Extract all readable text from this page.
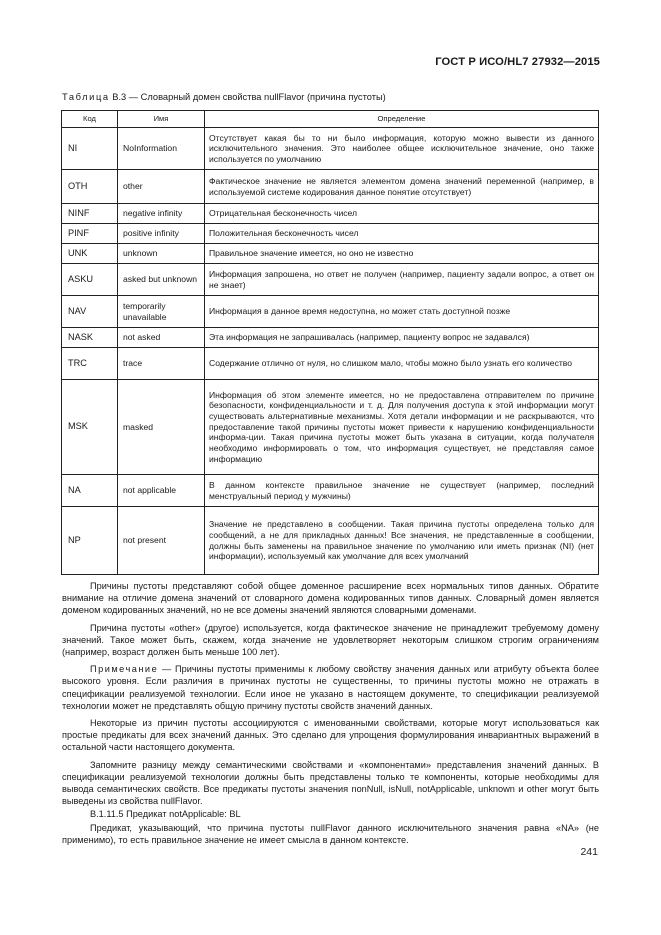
ГОСТ Р ИСО/HL7 27932—2015
Таблица В.3 — Словарный домен свойства nullFlavor (причина пустоты)
Код	Имя	Определение
NI	NoInformation	Отсутствует какая бы то ни было информация, которую можно вывести из данного исключительного значения. Это наиболее общее исключительное значение, оно также используется по умолчанию
OTH	other	Фактическое значение не является элементом домена значений переменной (например, в используемой системе кодирования данное понятие отсутствует)
NINF	negative infinity	Отрицательная бесконечность чисел
PINF	positive infinity	Положительная бесконечность чисел
UNK	unknown	Правильное значение имеется, но оно не известно
ASKU	asked but unknown	Информация запрошена, но ответ не получен (например, пациенту задали вопрос, а ответ он не знает)
NAV	temporarily unavailable	Информация в данное время недоступна, но может стать доступной позже
NASK	not asked	Эта информация не запрашивалась (например, пациенту вопрос не задавался)
TRC	trace	Содержание отлично от нуля, но слишком мало, чтобы можно было узнать его количество
MSK	masked	Информация об этом элементе имеется, но не предоставлена отправителем по причине безопасности, конфиденциальности и т. д. Для получения доступа к этой информации могут существовать альтернативные механизмы. Хотя детали информации и не раскрываются, что предоставление такой причины пустоты может привести к нарушению конфиденциальности информа-ции. Такая причина пустоты может быть указана в ситуации, когда получателя необходимо информировать о том, что информация существует, не представляя самое информацию
NA	not applicable	В данном контексте правильное значение не существует (например, последний менструальный период у мужчины)
NP	not present	Значение не представлено в сообщении. Такая причина пустоты определена только для сообщений, а не для прикладных данных! Все значения, не представленные в сообщении, должны быть заменены на правильное значение по умолчанию или иметь признак (NI) (нет информации), используемый как умолчание для всех умолчаний

Причины пустоты представляют собой общее доменное расширение всех нормальных типов данных. Обратите внимание на отличие домена значений от словарного домена кодированных типов данных. Словарный домен является доменом кодированных значений, но не все домены значений являются словарными доменами.

Причина пустоты «other» (другое) используется, когда фактическое значение не принадлежит требуемому домену значений. Такое может быть, скажем, когда значение не удовлетворяет некоторым слишком строгим ограничениям (например, возраст должен быть меньше 100 лет).

Примечание — Причины пустоты применимы к любому свойству значения данных или атрибуту объекта более высокого уровня. Если различия в причинах пустоты не существенны, то причины пустоты можно не отражать в спецификации реализуемой технологии. Если иное не указано в настоящем документе, то спецификации реализуемой технологии может не представлять общую причину пустоты свойств значений данных.

Некоторые из причин пустоты ассоциируются с именованными свойствами, которые могут использоваться как простые предикаты для всех значений данных. Это сделано для упрощения формулирования инвариантных выражений в остальной части настоящего документа.

Запомните разницу между семантическими свойствами и «компонентами» представления значений данных. В спецификации реализуемой технологии должны быть представлены только те компоненты, которые необходимы для вывода семантических свойств. Все предикаты пустоты значения nonNull, isNull, notApplicable, unknown и other могут быть выведены из свойства nullFlavor.

B.1.11.5 Предикат notApplicable: BL

Предикат, указывающий, что причина пустоты nullFlavor данного исключительного значения равна «NA» (не применимо), то есть правильное значение не имеет смысла в данном контексте.

241
